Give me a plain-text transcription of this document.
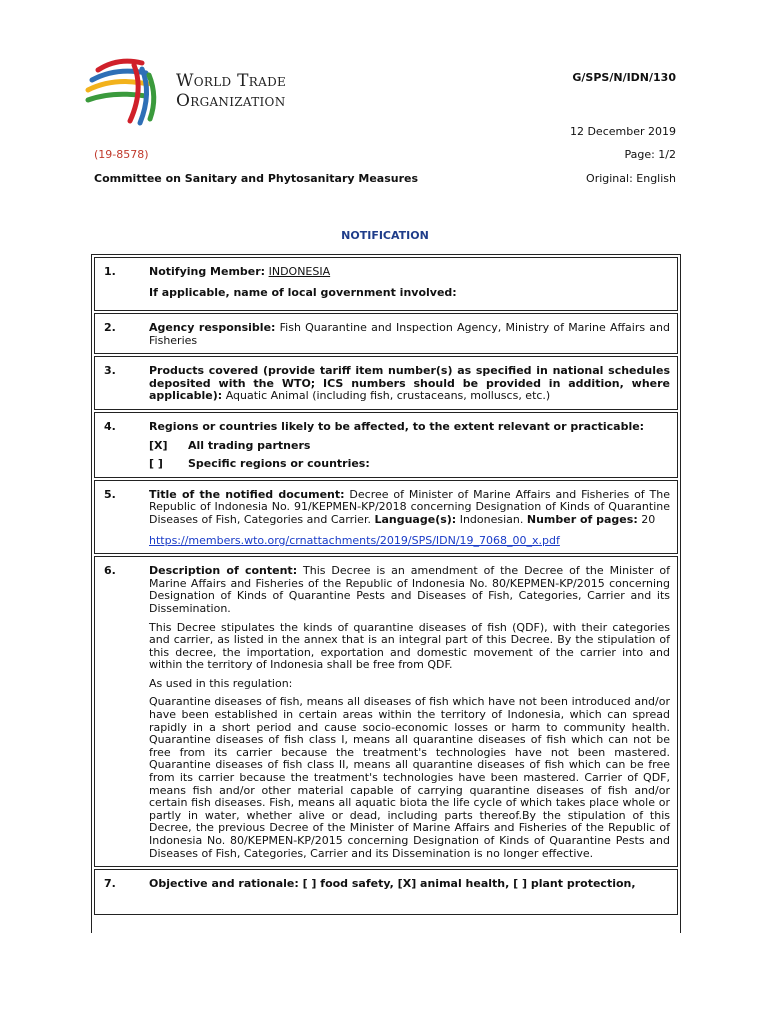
World Trade
Organization
G/SPS/N/IDN/130
12 December 2019
(19-8578)	Page: 1/2
Committee on Sanitary and Phytosanitary Measures	Original: English
NOTIFICATION
1.	Notifying Member: INDONESIA

If applicable, name of local government involved:

2.	Agency responsible: Fish Quarantine and Inspection Agency, Ministry of Marine Affairs and Fisheries

3.	Products covered (provide tariff item number(s) as specified in national schedules deposited with the WTO; ICS numbers should be provided in addition, where applicable): Aquatic Animal (including fish, crustaceans, molluscs, etc.)

4.	Regions or countries likely to be affected, to the extent relevant or practicable:

[X]	All trading partners
[ ]	Specific regions or countries:
5.	Title of the notified document: Decree of Minister of Marine Affairs and Fisheries of The Republic of Indonesia No. 91/KEPMEN-KP/2018 concerning Designation of Kinds of Quarantine Diseases of Fish, Categories and Carrier. Language(s): Indonesian. Number of pages: 20

https://members.wto.org/crnattachments/2019/SPS/IDN/19_7068_00_x.pdf

6.	Description of content: This Decree is an amendment of the Decree of the Minister of Marine Affairs and Fisheries of the Republic of Indonesia No. 80/KEPMEN-KP/2015 concerning Designation of Kinds of Quarantine Pests and Diseases of Fish, Categories, Carrier and its Dissemination.

This Decree stipulates the kinds of quarantine diseases of fish (QDF), with their categories and carrier, as listed in the annex that is an integral part of this Decree. By the stipulation of this decree, the importation, exportation and domestic movement of the carrier into and within the territory of Indonesia shall be free from QDF.

As used in this regulation:

Quarantine diseases of fish, means all diseases of fish which have not been introduced and/or have been established in certain areas within the territory of Indonesia, which can spread rapidly in a short period and cause socio-economic losses or harm to community health. Quarantine diseases of fish class I, means all quarantine diseases of fish which can not be free from its carrier because the treatment's technologies have not been mastered. Quarantine diseases of fish class II, means all quarantine diseases of fish which can be free from its carrier because the treatment's technologies have been mastered. Carrier of QDF, means fish and/or other material capable of carrying quarantine diseases of fish and/or certain fish diseases. Fish, means all aquatic biota the life cycle of which takes place whole or partly in water, whether alive or dead, including parts thereof.By the stipulation of this Decree, the previous Decree of the Minister of Marine Affairs and Fisheries of the Republic of Indonesia No. 80/KEPMEN-KP/2015 concerning Designation of Kinds of Quarantine Pests and Diseases of Fish, Categories, Carrier and its Dissemination is no longer effective.

7.	Objective and rationale: [ ] food safety, [X] animal health, [ ] plant protection,
